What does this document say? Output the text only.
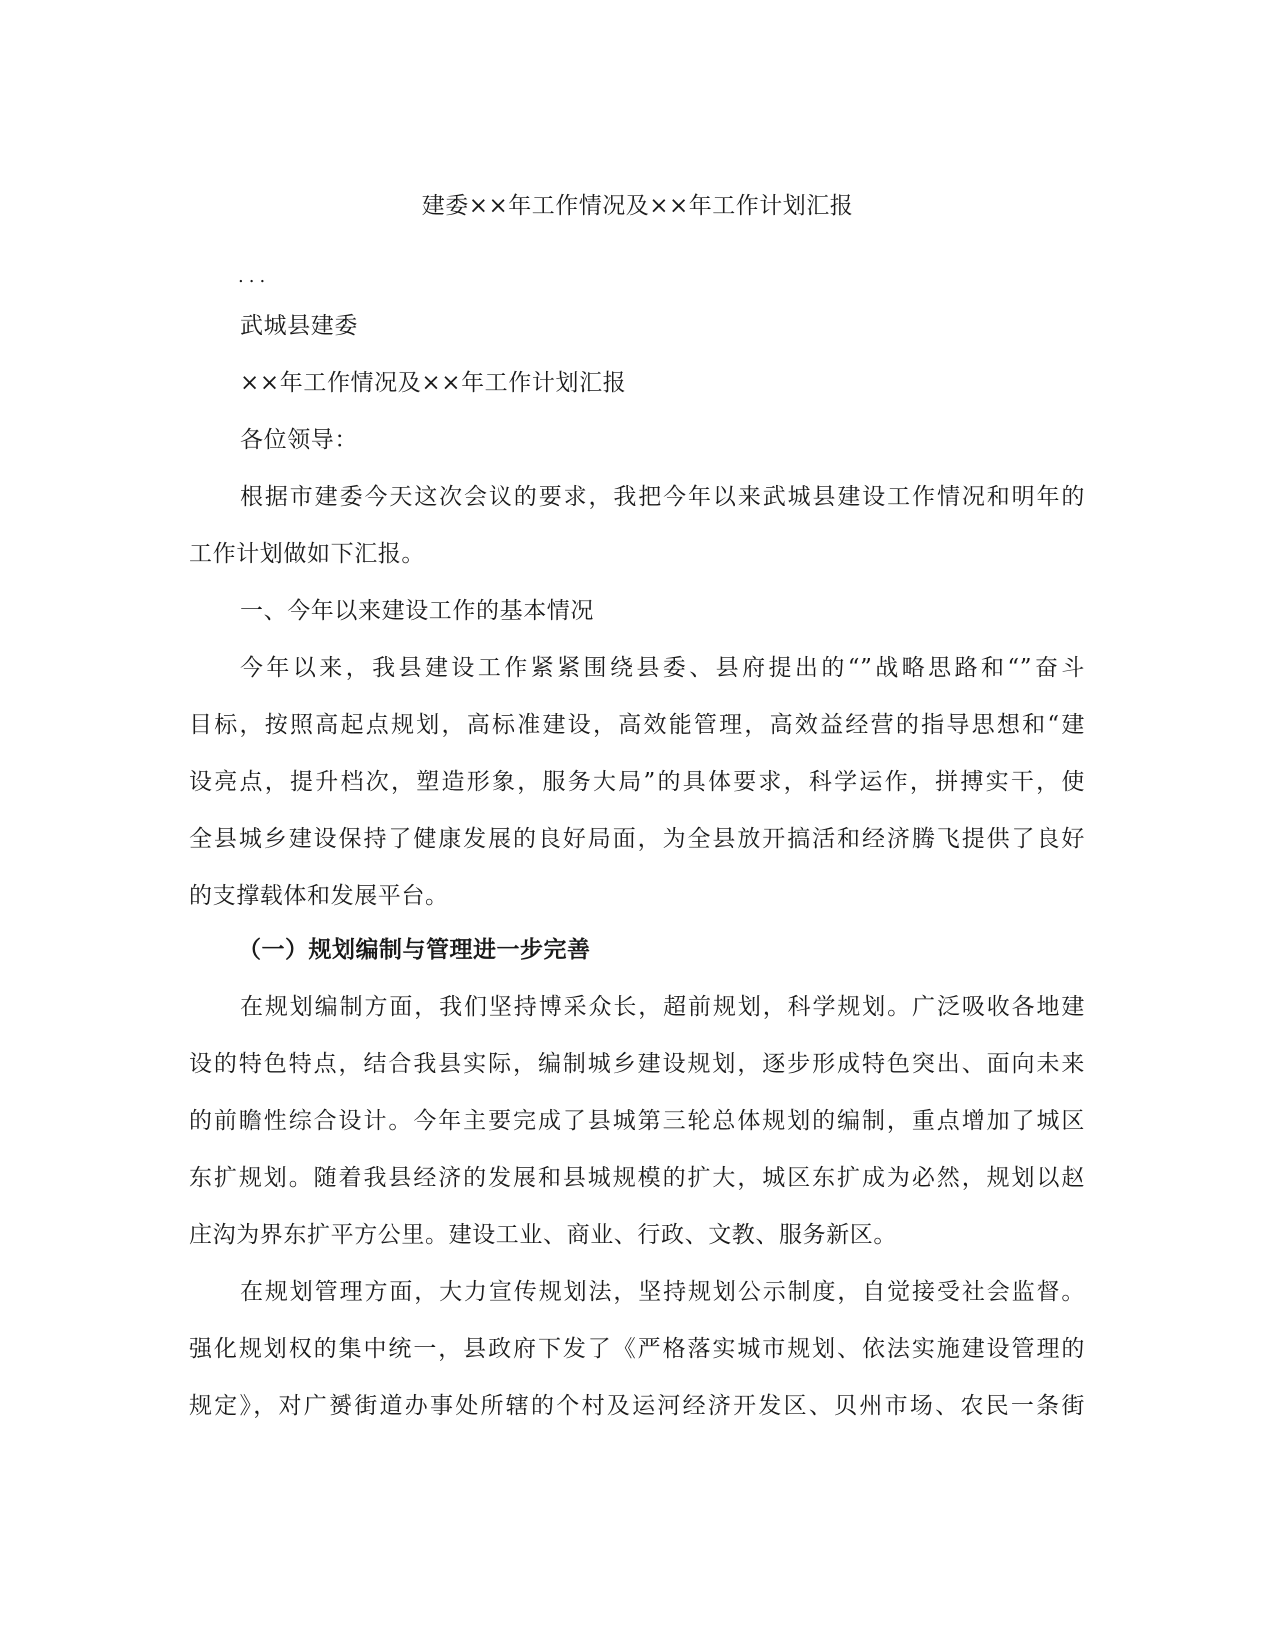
建委××年工作情况及××年工作计划汇报

...

武城县建委

××年工作情况及××年工作计划汇报

各位领导：

根据市建委今天这次会议的要求，我把今年以来武城县建设工作情况和明年的

工作计划做如下汇报。

一、今年以来建设工作的基本情况

今年以来，我县建设工作紧紧围绕县委、县府提出的“”战略思路和“”奋斗

目标，按照高起点规划，高标准建设，高效能管理，高效益经营的指导思想和“建

设亮点，提升档次，塑造形象，服务大局”的具体要求，科学运作，拼搏实干，使

全县城乡建设保持了健康发展的良好局面，为全县放开搞活和经济腾飞提供了良好

的支撑载体和发展平台。

（一）规划编制与管理进一步完善

在规划编制方面，我们坚持博采众长，超前规划，科学规划。广泛吸收各地建

设的特色特点，结合我县实际，编制城乡建设规划，逐步形成特色突出、面向未来

的前瞻性综合设计。今年主要完成了县城第三轮总体规划的编制，重点增加了城区

东扩规划。随着我县经济的发展和县城规模的扩大，城区东扩成为必然，规划以赵

庄沟为界东扩平方公里。建设工业、商业、行政、文教、服务新区。

在规划管理方面，大力宣传规划法，坚持规划公示制度，自觉接受社会监督。

强化规划权的集中统一，县政府下发了《严格落实城市规划、依法实施建设管理的

规定》，对广赟街道办事处所辖的个村及运河经济开发区、贝州市场、农民一条街
